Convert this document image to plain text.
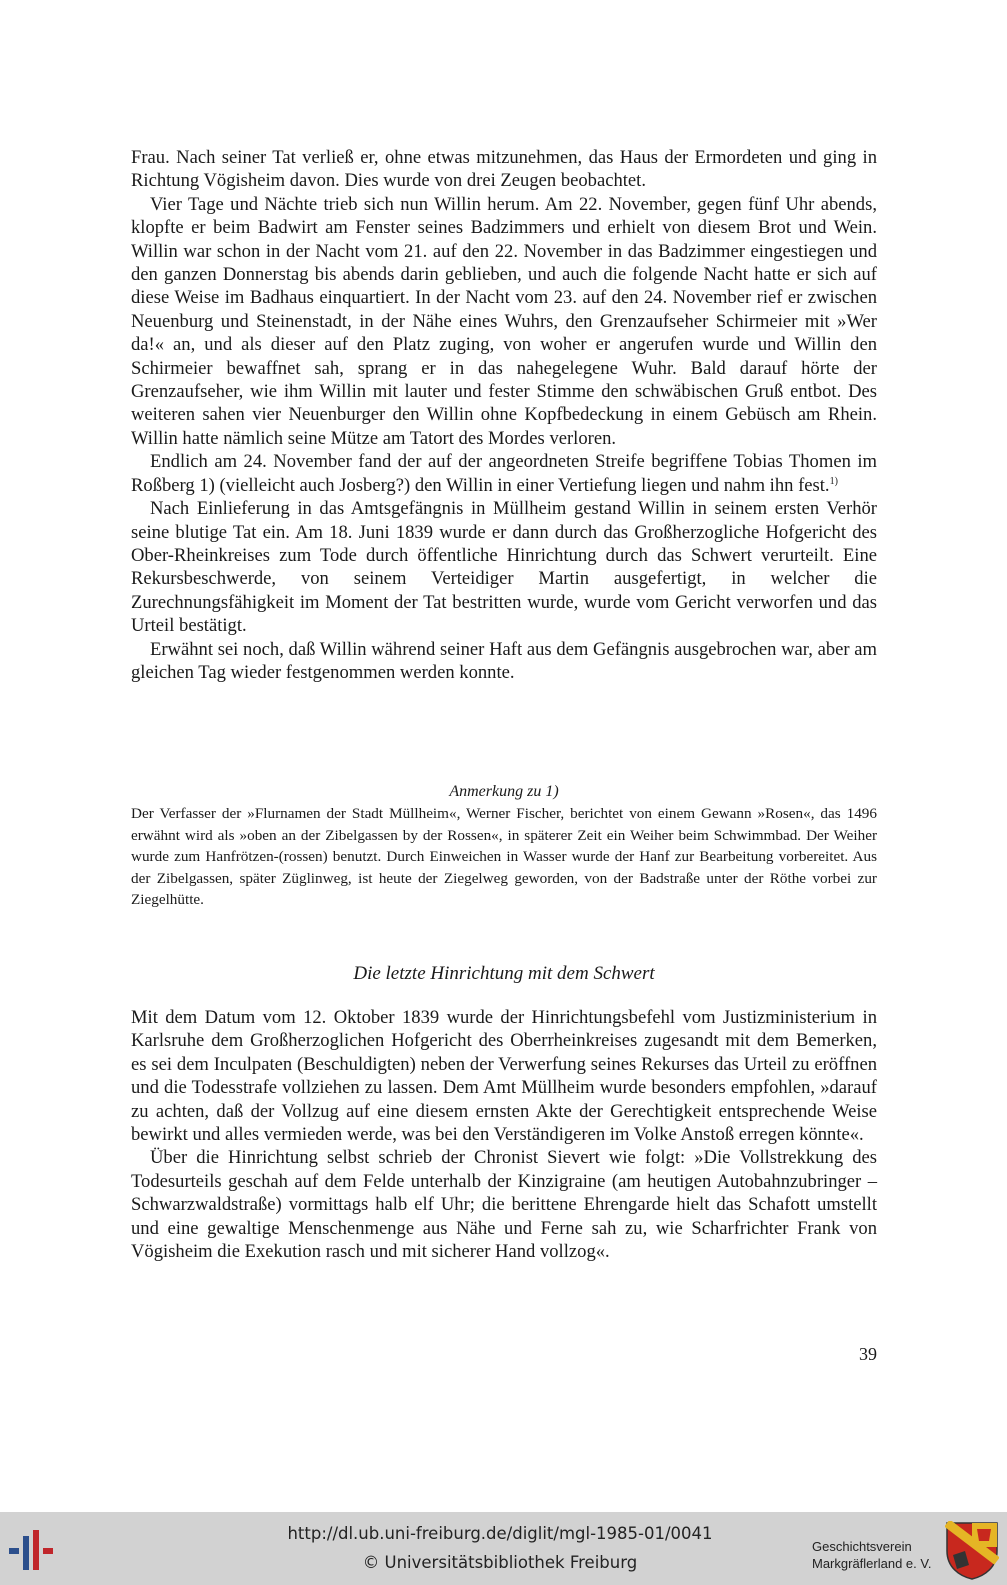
Frau. Nach seiner Tat verließ er, ohne etwas mitzunehmen, das Haus der Ermordeten und ging in Richtung Vögisheim davon. Dies wurde von drei Zeugen beobachtet.

Vier Tage und Nächte trieb sich nun Willin herum. Am 22. November, gegen fünf Uhr abends, klopfte er beim Badwirt am Fenster seines Badzimmers und erhielt von diesem Brot und Wein. Willin war schon in der Nacht vom 21. auf den 22. November in das Badzimmer eingestiegen und den ganzen Donnerstag bis abends darin geblieben, und auch die folgende Nacht hatte er sich auf diese Weise im Badhaus einquartiert. In der Nacht vom 23. auf den 24. November rief er zwischen Neuenburg und Steinenstadt, in der Nähe eines Wuhrs, den Grenzaufseher Schirmeier mit »Wer da!« an, und als dieser auf den Platz zuging, von woher er angerufen wurde und Willin den Schirmeier bewaffnet sah, sprang er in das nahegelegene Wuhr. Bald darauf hörte der Grenzaufseher, wie ihm Willin mit lauter und fester Stimme den schwäbischen Gruß entbot. Des weiteren sahen vier Neuenburger den Willin ohne Kopfbedeckung in einem Gebüsch am Rhein. Willin hatte nämlich seine Mütze am Tatort des Mordes verloren.

Endlich am 24. November fand der auf der angeordneten Streife begriffene Tobias Thomen im Roßberg 1) (vielleicht auch Josberg?) den Willin in einer Vertiefung liegen und nahm ihn fest.$^{1)}$

Nach Einlieferung in das Amtsgefängnis in Müllheim gestand Willin in seinem ersten Verhör seine blutige Tat ein. Am 18. Juni 1839 wurde er dann durch das Großherzogliche Hofgericht des Ober-Rheinkreises zum Tode durch öffentliche Hinrichtung durch das Schwert verurteilt. Eine Rekursbeschwerde, von seinem Verteidiger Martin ausgefertigt, in welcher die Zurechnungsfähigkeit im Moment der Tat bestritten wurde, wurde vom Gericht verworfen und das Urteil bestätigt.

Erwähnt sei noch, daß Willin während seiner Haft aus dem Gefängnis ausgebrochen war, aber am gleichen Tag wieder festgenommen werden konnte.

Anmerkung zu 1)
Der Verfasser der »Flurnamen der Stadt Müllheim«, Werner Fischer, berichtet von einem Gewann »Rosen«, das 1496 erwähnt wird als »oben an der Zibelgassen by der Rossen«, in späterer Zeit ein Weiher beim Schwimmbad. Der Weiher wurde zum Hanfrötzen-(rossen) benutzt. Durch Einweichen in Wasser wurde der Hanf zur Bearbeitung vorbereitet. Aus der Zibelgassen, später Züglinweg, ist heute der Ziegelweg geworden, von der Badstraße unter der Röthe vorbei zur Ziegelhütte.
Die letzte Hinrichtung mit dem Schwert

Mit dem Datum vom 12. Oktober 1839 wurde der Hinrichtungsbefehl vom Justizministerium in Karlsruhe dem Großherzoglichen Hofgericht des Oberrheinkreises zugesandt mit dem Bemerken, es sei dem Inculpaten (Beschuldigten) neben der Verwerfung seines Rekurses das Urteil zu eröffnen und die Todesstrafe vollziehen zu lassen. Dem Amt Müllheim wurde besonders empfohlen, »darauf zu achten, daß der Vollzug auf eine diesem ernsten Akte der Gerechtigkeit entsprechende Weise bewirkt und alles vermieden werde, was bei den Verständigeren im Volke Anstoß erregen könnte«.

Über die Hinrichtung selbst schrieb der Chronist Sievert wie folgt: »Die Vollstrekkung des Todesurteils geschah auf dem Felde unterhalb der Kinzigraine (am heutigen Autobahnzubringer – Schwarzwaldstraße) vormittags halb elf Uhr; die berittene Ehrengarde hielt das Schafott umstellt und eine gewaltige Menschenmenge aus Nähe und Ferne sah zu, wie Scharfrichter Frank von Vögisheim die Exekution rasch und mit sicherer Hand vollzog«.

39
http://dl.ub.uni-freiburg.de/diglit/mgl-1985-01/0041
© Universitätsbibliothek Freiburg
Geschichtsverein
Markgräflerland e. V.
